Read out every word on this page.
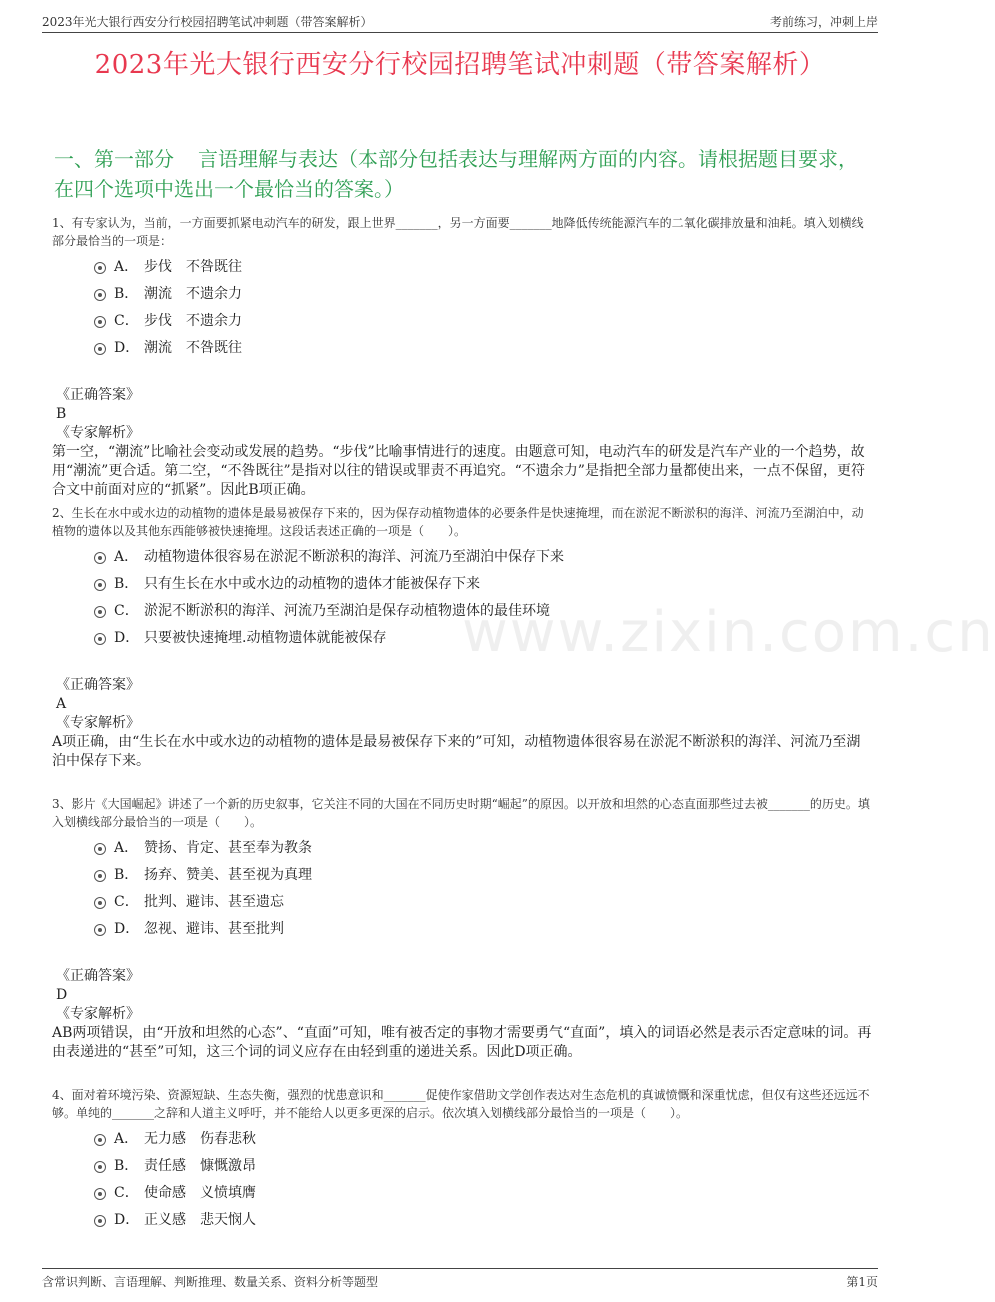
2023年光大银行西安分行校园招聘笔试冲刺题（带答案解析）	考前练习，冲刺上岸
2023年光大银行西安分行校园招聘笔试冲刺题（带答案解析）
一、第一部分 言语理解与表达（本部分包括表达与理解两方面的内容。请根据题目要求，在四个选项中选出一个最恰当的答案。）
www.zixin.com.cn
1、有专家认为，当前，一方面要抓紧电动汽车的研发，跟上世界_______，另一方面要_______地降低传统能源汽车的二氧化碳排放量和油耗。填入划横线部分最恰当的一项是：
A． 步伐　不咎既往
B． 潮流　不遗余力
C． 步伐　不遗余力
D． 潮流　不咎既往
《正确答案》
B
《专家解析》
第一空，“潮流”比喻社会变动或发展的趋势。“步伐”比喻事情进行的速度。由题意可知，电动汽车的研发是汽车产业的一个趋势，故用“潮流”更合适。第二空，“不咎既往”是指对以往的错误或罪责不再追究。“不遗余力”是指把全部力量都使出来，一点不保留，更符合文中前面对应的“抓紧”。因此B项正确。
2、生长在水中或水边的动植物的遗体是最易被保存下来的，因为保存动植物遗体的必要条件是快速掩埋，而在淤泥不断淤积的海洋、河流乃至湖泊中，动植物的遗体以及其他东西能够被快速掩埋。这段话表述正确的一项是（　　）。
A． 动植物遗体很容易在淤泥不断淤积的海洋、河流乃至湖泊中保存下来
B． 只有生长在水中或水边的动植物的遗体才能被保存下来
C． 淤泥不断淤积的海洋、河流乃至湖泊是保存动植物遗体的最佳环境
D． 只要被快速掩埋.动植物遗体就能被保存
《正确答案》
A
《专家解析》
A项正确，由“生长在水中或水边的动植物的遗体是最易被保存下来的”可知，动植物遗体很容易在淤泥不断淤积的海洋、河流乃至湖泊中保存下来。
3、影片《大国崛起》讲述了一个新的历史叙事，它关注不同的大国在不同历史时期“崛起”的原因。以开放和坦然的心态直面那些过去被_______的历史。填入划横线部分最恰当的一项是（　　）。
A． 赞扬、肯定、甚至奉为教条
B． 扬弃、赞美、甚至视为真理
C． 批判、避讳、甚至遗忘
D． 忽视、避讳、甚至批判
《正确答案》
D
《专家解析》
AB两项错误，由“开放和坦然的心态”、“直面”可知，唯有被否定的事物才需要勇气“直面”，填入的词语必然是表示否定意味的词。再由表递进的“甚至”可知，这三个词的词义应存在由轻到重的递进关系。因此D项正确。
4、面对着环境污染、资源短缺、生态失衡，强烈的忧患意识和_______促使作家借助文学创作表达对生态危机的真诚愤慨和深重忧虑，但仅有这些还远远不够。单纯的_______之辞和人道主义呼吁，并不能给人以更多更深的启示。依次填入划横线部分最恰当的一项是（　　）。
A． 无力感　伤春悲秋
B． 责任感　慷慨激昂
C． 使命感　义愤填膺
D． 正义感　悲天悯人
含常识判断、言语理解、判断推理、数量关系、资料分析等题型	第1页
